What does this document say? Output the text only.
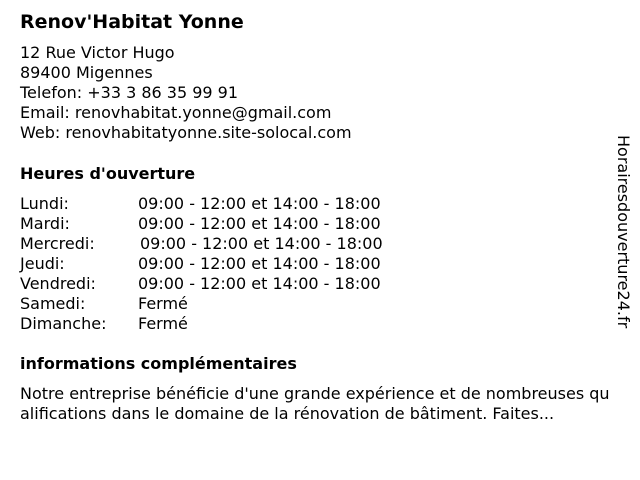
Renov'Habitat Yonne
12 Rue Victor Hugo
89400 Migennes
Telefon: +33 3 86 35 99 91
Email: renovhabitat.yonne@gmail.com
Web: renovhabitatyonne.site-solocal.com
Heures d'ouverture
Lundi:	09:00 - 12:00 et 14:00 - 18:00
Mardi:	09:00 - 12:00 et 14:00 - 18:00
Mercredi:	09:00 - 12:00 et 14:00 - 18:00
Jeudi:	09:00 - 12:00 et 14:00 - 18:00
Vendredi:	09:00 - 12:00 et 14:00 - 18:00
Samedi:	Fermé
Dimanche: Fermé
informations complémentaires
Notre entreprise bénéficie d'une grande expérience et de nombreuses qualifications dans le domaine de la rénovation de bâtiment. Faites...
Horairesdouverture24.fr
